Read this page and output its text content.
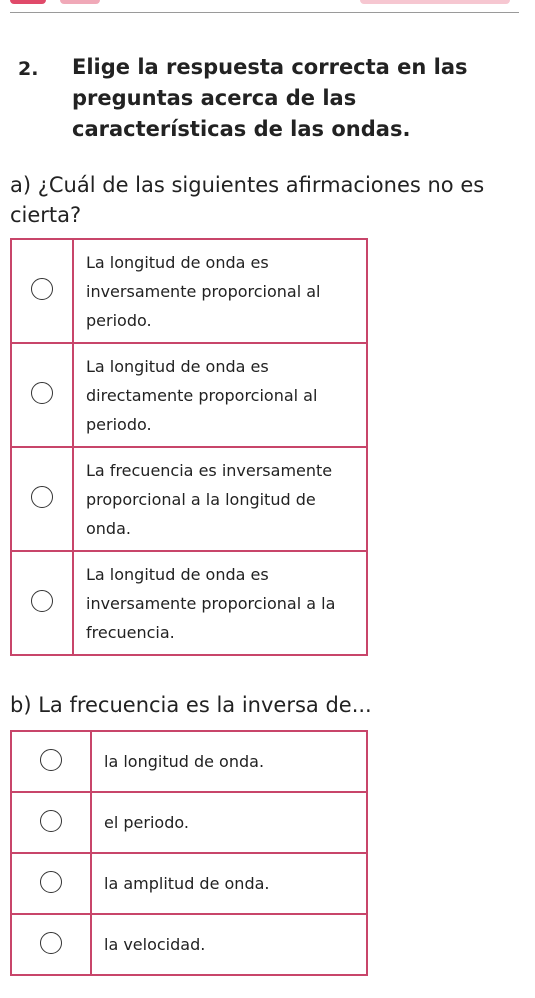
2. Elige la respuesta correcta en las preguntas acerca de las características de las ondas.
a) ¿Cuál de las siguientes afirmaciones no es cierta?
	La longitud de onda es inversamente proporcional al periodo.
	La longitud de onda es directamente proporcional al periodo.
	La frecuencia es inversamente proporcional a la longitud de onda.
	La longitud de onda es inversamente proporcional a la frecuencia.
b) La frecuencia es la inversa de...
	la longitud de onda.
	el periodo.
	la amplitud de onda.
	la velocidad.
